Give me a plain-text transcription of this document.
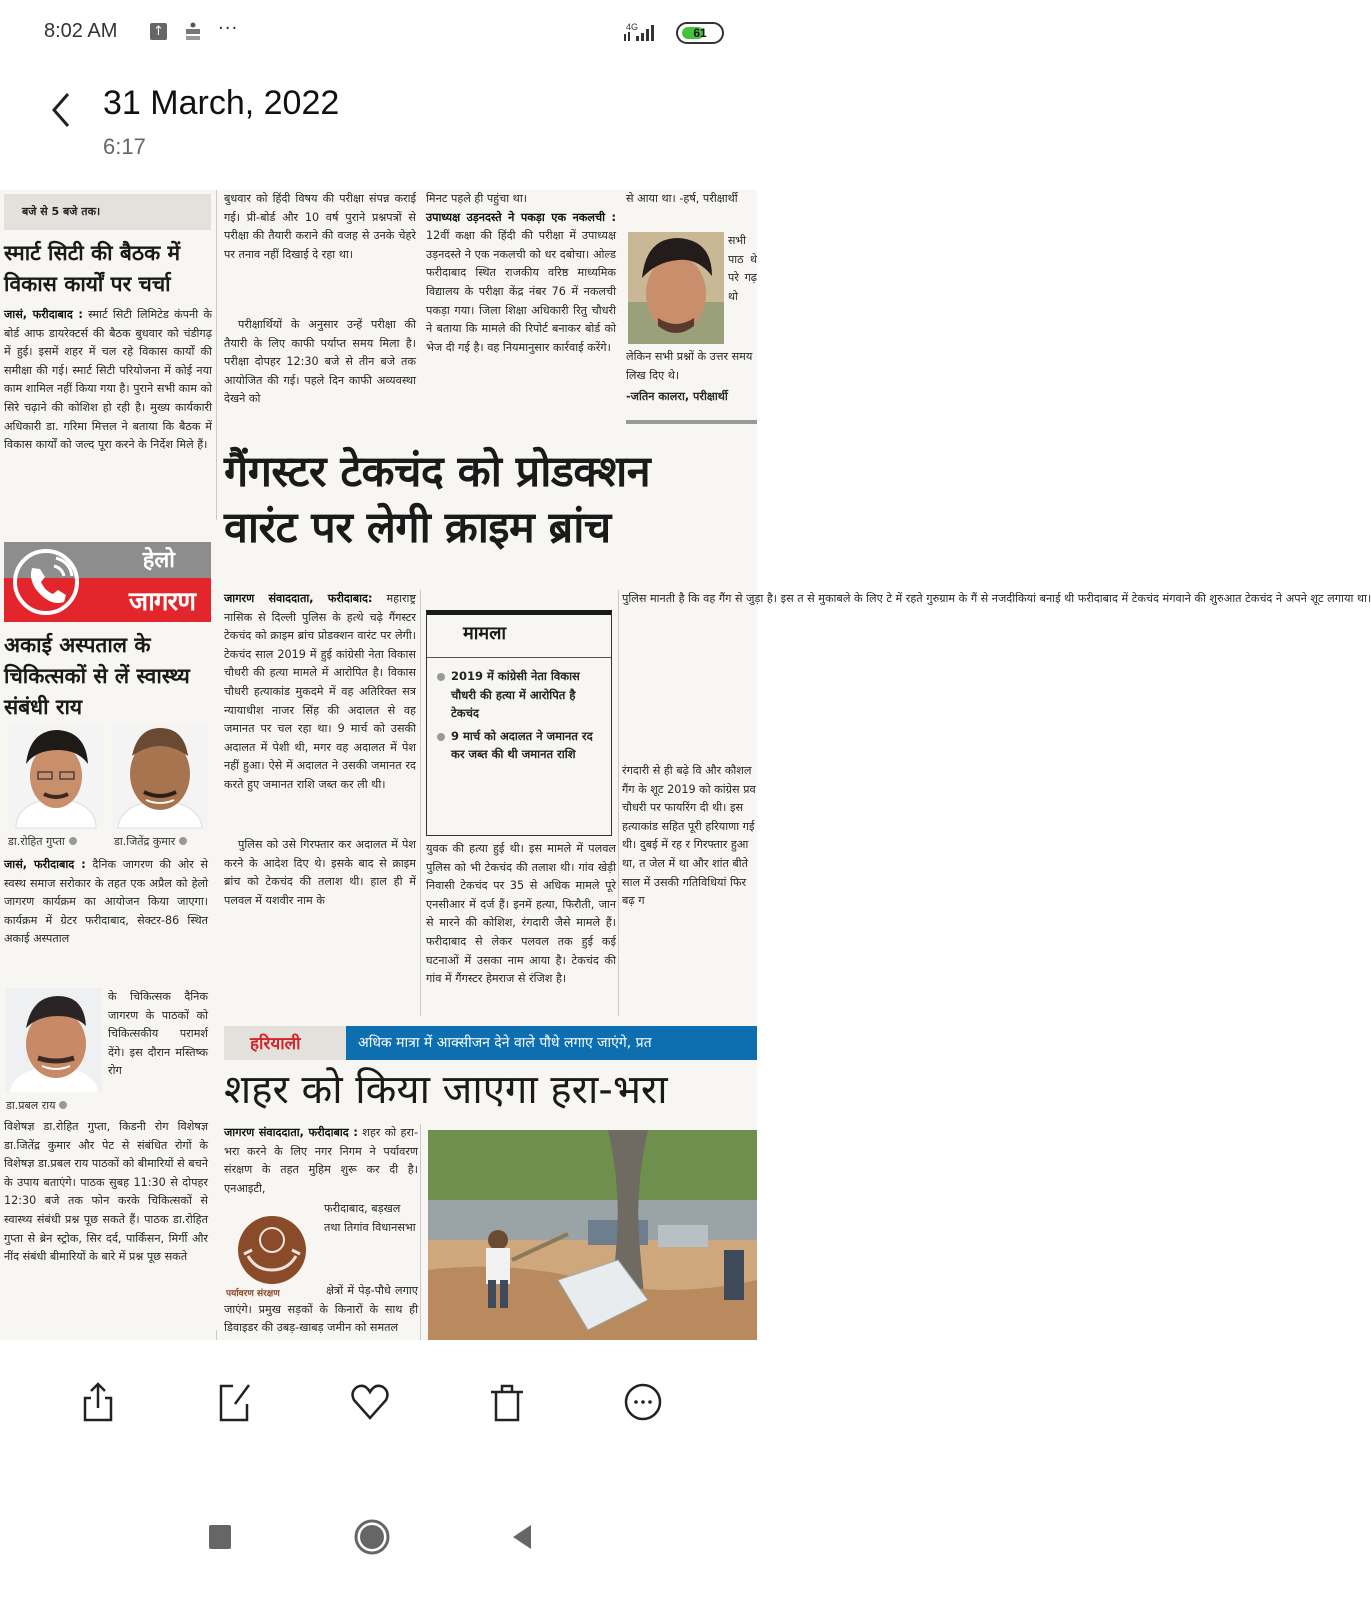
8:02 AM	↑	···	4G	61
31 March, 2022
6:17
बजे से 5 बजे तक।
स्मार्ट सिटी की बैठक में विकास कार्यों पर चर्चा
जासं, फरीदाबाद : स्मार्ट सिटी लिमिटेड कंपनी के बोर्ड आफ डायरेक्टर्स की बैठक बुधवार को चंडीगढ़ में हुई। इसमें शहर में चल रहे विकास कार्यों की समीक्षा की गई। स्मार्ट सिटी परियोजना में कोई नया काम शामिल नहीं किया गया है। पुराने सभी काम को सिरे चढ़ाने की कोशिश हो रही है। मुख्य कार्यकारी अधिकारी डा. गरिमा मित्तल ने बताया कि बैठक में विकास कार्यों को जल्द पूरा करने के निर्देश मिले हैं।
हेलो
जागरण
अकाई अस्पताल के चिकित्सकों से लें स्वास्थ्य संबंधी राय
डा.रोहित गुप्ता	डा.जितेंद्र कुमार
जासं, फरीदाबाद : दैनिक जागरण की ओर से स्वस्थ समाज सरोकार के तहत एक अप्रैल को हेलो जागरण कार्यक्रम का आयोजन किया जाएगा। कार्यक्रम में ग्रेटर फरीदाबाद, सेक्टर-86 स्थित अकाई अस्पताल
के चिकित्सक दैनिक जागरण के पाठकों को चिकित्सकीय परामर्श देंगे। इस दौरान मस्तिष्क रोग
डा.प्रबल राय
विशेषज्ञ डा.रोहित गुप्ता, किडनी रोग विशेषज्ञ डा.जितेंद्र कुमार और पेट से संबंधित रोगों के विशेषज्ञ डा.प्रबल राय पाठकों को बीमारियों से बचने के उपाय बताएंगे। पाठक सुबह 11:30 से दोपहर 12:30 बजे तक फोन करके चिकित्सकों से स्वास्थ्य संबंधी प्रश्न पूछ सकते हैं। पाठक डा.रोहित गुप्ता से ब्रेन स्ट्रोक, सिर दर्द, पार्किंसन, मिर्गी और नींद संबंधी बीमारियों के बारे में प्रश्न पूछ सकते
बुधवार को हिंदी विषय की परीक्षा संपन्न कराई गई। प्री-बोर्ड और 10 वर्ष पुराने प्रश्नपत्रों से परीक्षा की तैयारी कराने की वजह से उनके चेहरे पर तनाव नहीं दिखाई दे रहा था।
परीक्षार्थियों के अनुसार उन्हें परीक्षा की तैयारी के लिए काफी पर्याप्त समय मिला है। परीक्षा दोपहर 12:30 बजे से तीन बजे तक आयोजित की गई। पहले दिन काफी अव्यवस्था देखने को
मिनट पहले ही पहुंचा था।
उपाध्यक्ष उड़नदस्ते ने पकड़ा एक नकलची : 12वीं कक्षा की हिंदी की परीक्षा में उपाध्यक्ष उड़नदस्ते ने एक नकलची को धर दबोचा। ओल्ड फरीदाबाद स्थित राजकीय वरिष्ठ माध्यमिक विद्यालय के परीक्षा केंद्र नंबर 76 में नकलची पकड़ा गया। जिला शिक्षा अधिकारी रितु चौधरी ने बताया कि मामले की रिपोर्ट बनाकर बोर्ड को भेज दी गई है। वह नियमानुसार कार्रवाई करेंगे।
से आया था। -हर्ष, परीक्षार्थी
सभी पाठ थे परे गढ़ थो
लेकिन सभी प्रश्नों के उत्तर समय लिख दिए थे।
-जतिन कालरा, परीक्षार्थी
गैंगस्टर टेकचंद को प्रोडक्शन
वारंट पर लेगी क्राइम ब्रांच
जागरण संवाददाता, फरीदाबाद: महाराष्ट्र नासिक से दिल्ली पुलिस के हत्थे चढ़े गैंगस्टर टेकचंद को क्राइम ब्रांच प्रोडक्शन वारंट पर लेगी। टेकचंद साल 2019 में हुई कांग्रेसी नेता विकास चौधरी की हत्या मामले में आरोपित है। विकास चौधरी हत्याकांड मुकदमे में वह अतिरिक्त सत्र न्यायाधीश नाजर सिंह की अदालत से वह जमानत पर चल रहा था। 9 मार्च को उसकी अदालत में पेशी थी, मगर वह अदालत में पेश नहीं हुआ। ऐसे में अदालत ने उसकी जमानत रद करते हुए जमानत राशि जब्त कर ली थी।
पुलिस को उसे गिरफ्तार कर अदालत में पेश करने के आदेश दिए थे। इसके बाद से क्राइम ब्रांच को टेकचंद की तलाश थी। हाल ही में पलवल में यशवीर नाम के
मामला
2019 में कांग्रेसी नेता विकास चौधरी की हत्या में आरोपित है टेकचंद
9 मार्च को अदालत ने जमानत रद कर जब्त की थी जमानत राशि
युवक की हत्या हुई थी। इस मामले में पलवल पुलिस को भी टेकचंद की तलाश थी। गांव खेड़ी निवासी टेकचंद पर 35 से अधिक मामले पूरे एनसीआर में दर्ज हैं। इनमें हत्या, फिरौती, जान से मारने की कोशिश, रंगदारी जैसे मामले हैं। फरीदाबाद से लेकर पलवल तक हुई कई घटनाओं में उसका नाम आया है। टेकचंद की गांव में गैंगस्टर हेमराज से रंजिश है।
पुलिस मानती है कि वह गैंग से जुड़ा है। इस त से मुकाबले के लिए टे में रहते गुरुग्राम के गैं से नजदीकियां बनाई थी फरीदाबाद में टेकचंद मंगवाने की शुरुआत टेकचंद ने अपने शूट लगाया था।
रंगदारी से ही बढ़े वि और कौशल गैंग के शूट 2019 को कांग्रेस प्रव चौधरी पर फायरिंग दी थी। इस हत्याकांड सहित पूरी हरियाणा गई थी। दुबई में रह र गिरफ्तार हुआ था, त जेल में था और शांत बीते साल में उसकी गतिविधियां फिर बढ़ ग
हरियाली	अधिक मात्रा में आक्सीजन देने वाले पौधे लगाए जाएंगे, प्रत
शहर को किया जाएगा हरा-भरा
जागरण संवाददाता, फरीदाबाद : शहर को हरा-भरा करने के लिए नगर निगम ने पर्यावरण संरक्षण के तहत मुहिम शुरू कर दी है। एनआइटी,
पर्यावरण संरक्षण
फरीदाबाद, बड़खल तथा तिगांव विधानसभा
क्षेत्रों में पेड़-पौधे लगाए जाएंगे। प्रमुख सड़कों के किनारों के साथ ही डिवाइडर की उबड़-खाबड़ जमीन को समतल
